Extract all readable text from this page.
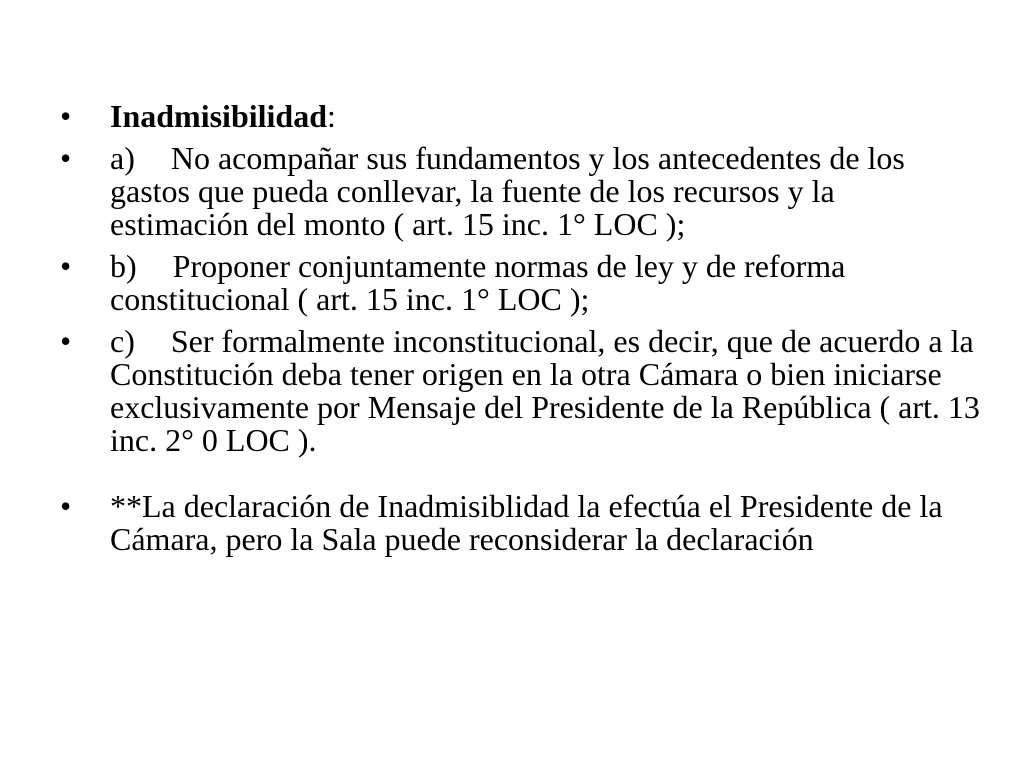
•	Inadmisibilidad:
•	a) No acompañar sus fundamentos y los antecedentes de los gastos que pueda conllevar, la fuente de los recursos y la estimación del monto ( art. 15 inc. 1° LOC );
•	b) Proponer conjuntamente normas de ley y de reforma constitucional ( art. 15 inc. 1° LOC );
•	c) Ser formalmente inconstitucional, es decir, que de acuerdo a la Constitución deba tener origen en la otra Cámara o bien iniciarse exclusivamente por Mensaje del Presidente de la República ( art. 13 inc. 2° 0 LOC ).
•	**La declaración de Inadmisiblidad la efectúa el Presidente de la Cámara, pero la Sala puede reconsiderar la declaración
